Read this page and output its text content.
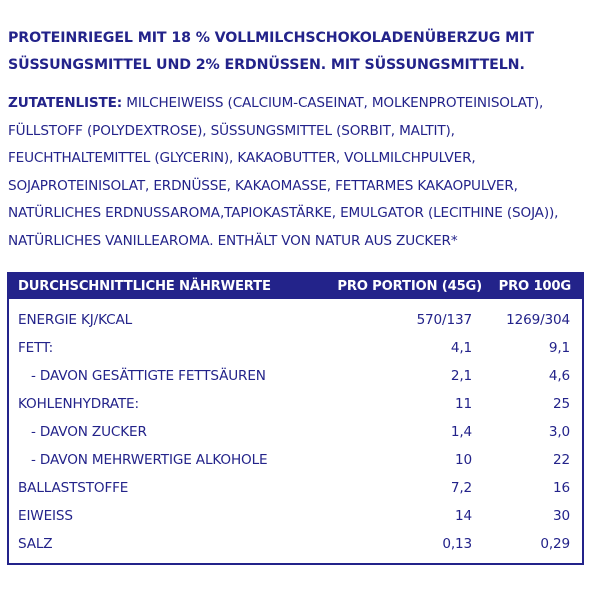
PROTEINRIEGEL MIT 18 % VOLLMILCHSCHOKOLADENÜBERZUG MIT SÜSSUNGSMITTEL UND 2% ERDNÜSSEN. MIT SÜSSUNGSMITTELN.
ZUTATENLISTE: MILCHEIWEISS (CALCIUM-CASEINAT, MOLKENPROTEINISOLAT), FÜLLSTOFF (POLYDEXTROSE), SÜSSUNGSMITTEL (SORBIT, MALTIT), FEUCHTHALTEMITTEL (GLYCERIN), KAKAOBUTTER, VOLLMILCHPULVER, SOJAPROTEINISOLAT, ERDNÜSSE, KAKAOMASSE, FETTARMES KAKAOPULVER, NATÜRLICHES ERDNUSSAROMA,TAPIOKASTÄRKE, EMULGATOR (LECITHINE (SOJA)), NATÜRLICHES VANILLEAROMA. ENTHÄLT VON NATUR AUS ZUCKER*
DURCHSCHNITTLICHE NÄHRWERTE	PRO PORTION (45G) PRO 100G
ENERGIE KJ/KCAL	570/137	1269/304
FETT:	4,1	9,1
- DAVON GESÄTTIGTE FETTSÄUREN	2,1	4,6
KOHLENHYDRATE:	11	25
- DAVON ZUCKER	1,4	3,0
- DAVON MEHRWERTIGE ALKOHOLE	10	22
BALLASTSTOFFE	7,2	16
EIWEISS	14	30
SALZ	0,13	0,29
